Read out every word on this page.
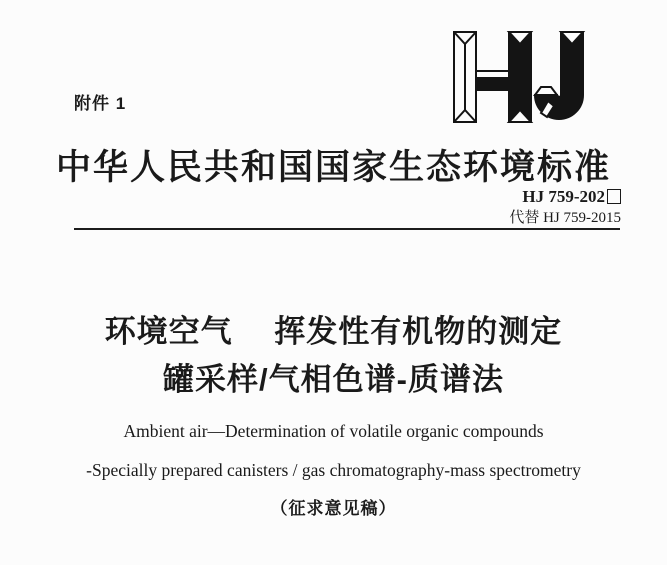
附件 1
中华人民共和国国家生态环境标准
HJ 759-202
代替 HJ 759-2015
环境空气　 挥发性有机物的测定
罐采样/气相色谱-质谱法
Ambient air—Determination of volatile organic compounds
-Specially prepared canisters / gas chromatography-mass spectrometry
（征求意见稿）
